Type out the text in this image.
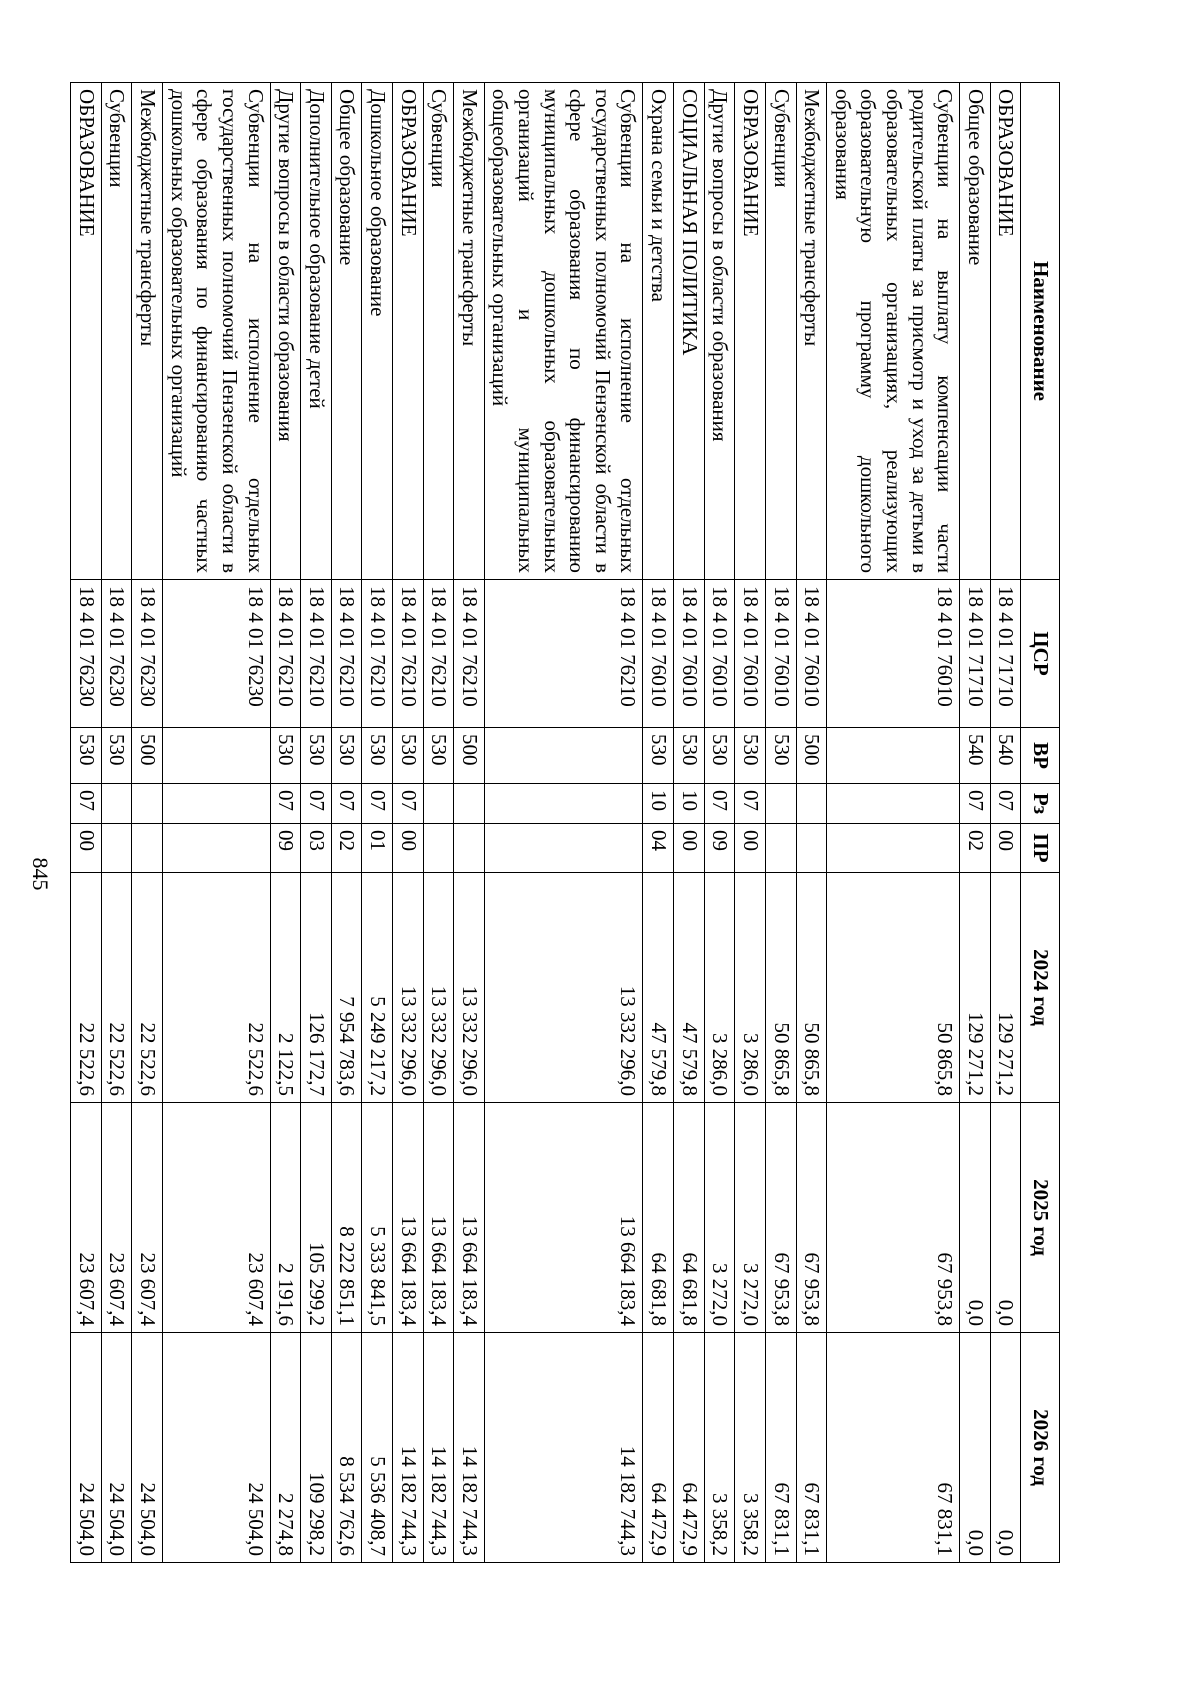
845
Наименование	ЦСР	ВР	Рз	ПР	2024 год	2025 год	2026 год
ОБРАЗОВАНИЕ	18 4 01 71710	540	07	00	129 271,2	0,0	0,0
Общее образование	18 4 01 71710	540	07	02	129 271,2	0,0	0,0
Субвенции на выплату компенсации части родительской платы за присмотр и уход за детьми в образовательных организациях, реализующих образовательную программу дошкольного образования	18 4 01 76010				50 865,8	67 953,8	67 831,1
Межбюджетные трансферты	18 4 01 76010	500			50 865,8	67 953,8	67 831,1
Субвенции	18 4 01 76010	530			50 865,8	67 953,8	67 831,1
ОБРАЗОВАНИЕ	18 4 01 76010	530	07	00	3 286,0	3 272,0	3 358,2
Другие вопросы в области образования	18 4 01 76010	530	07	09	3 286,0	3 272,0	3 358,2
СОЦИАЛЬНАЯ ПОЛИТИКА	18 4 01 76010	530	10	00	47 579,8	64 681,8	64 472,9
Охрана семьи и детства	18 4 01 76010	530	10	04	47 579,8	64 681,8	64 472,9
Субвенции на исполнение отдельных государственных полномочий Пензенской области в сфере образования по финансированию муниципальных дошкольных образовательных организаций и муниципальных общеобразовательных организаций	18 4 01 76210				13 332 296,0	13 664 183,4	14 182 744,3
Межбюджетные трансферты	18 4 01 76210	500			13 332 296,0	13 664 183,4	14 182 744,3
Субвенции	18 4 01 76210	530			13 332 296,0	13 664 183,4	14 182 744,3
ОБРАЗОВАНИЕ	18 4 01 76210	530	07	00	13 332 296,0	13 664 183,4	14 182 744,3
Дошкольное образование	18 4 01 76210	530	07	01	5 249 217,2	5 333 841,5	5 536 408,7
Общее образование	18 4 01 76210	530	07	02	7 954 783,6	8 222 851,1	8 534 762,6
Дополнительное образование детей	18 4 01 76210	530	07	03	126 172,7	105 299,2	109 298,2
Другие вопросы в области образования	18 4 01 76210	530	07	09	2 122,5	2 191,6	2 274,8
Субвенции на исполнение отдельных государственных полномочий Пензенской области в сфере образования по финансированию частных дошкольных образовательных организаций	18 4 01 76230				22 522,6	23 607,4	24 504,0
Межбюджетные трансферты	18 4 01 76230	500			22 522,6	23 607,4	24 504,0
Субвенции	18 4 01 76230	530			22 522,6	23 607,4	24 504,0
ОБРАЗОВАНИЕ	18 4 01 76230	530	07	00	22 522,6	23 607,4	24 504,0
